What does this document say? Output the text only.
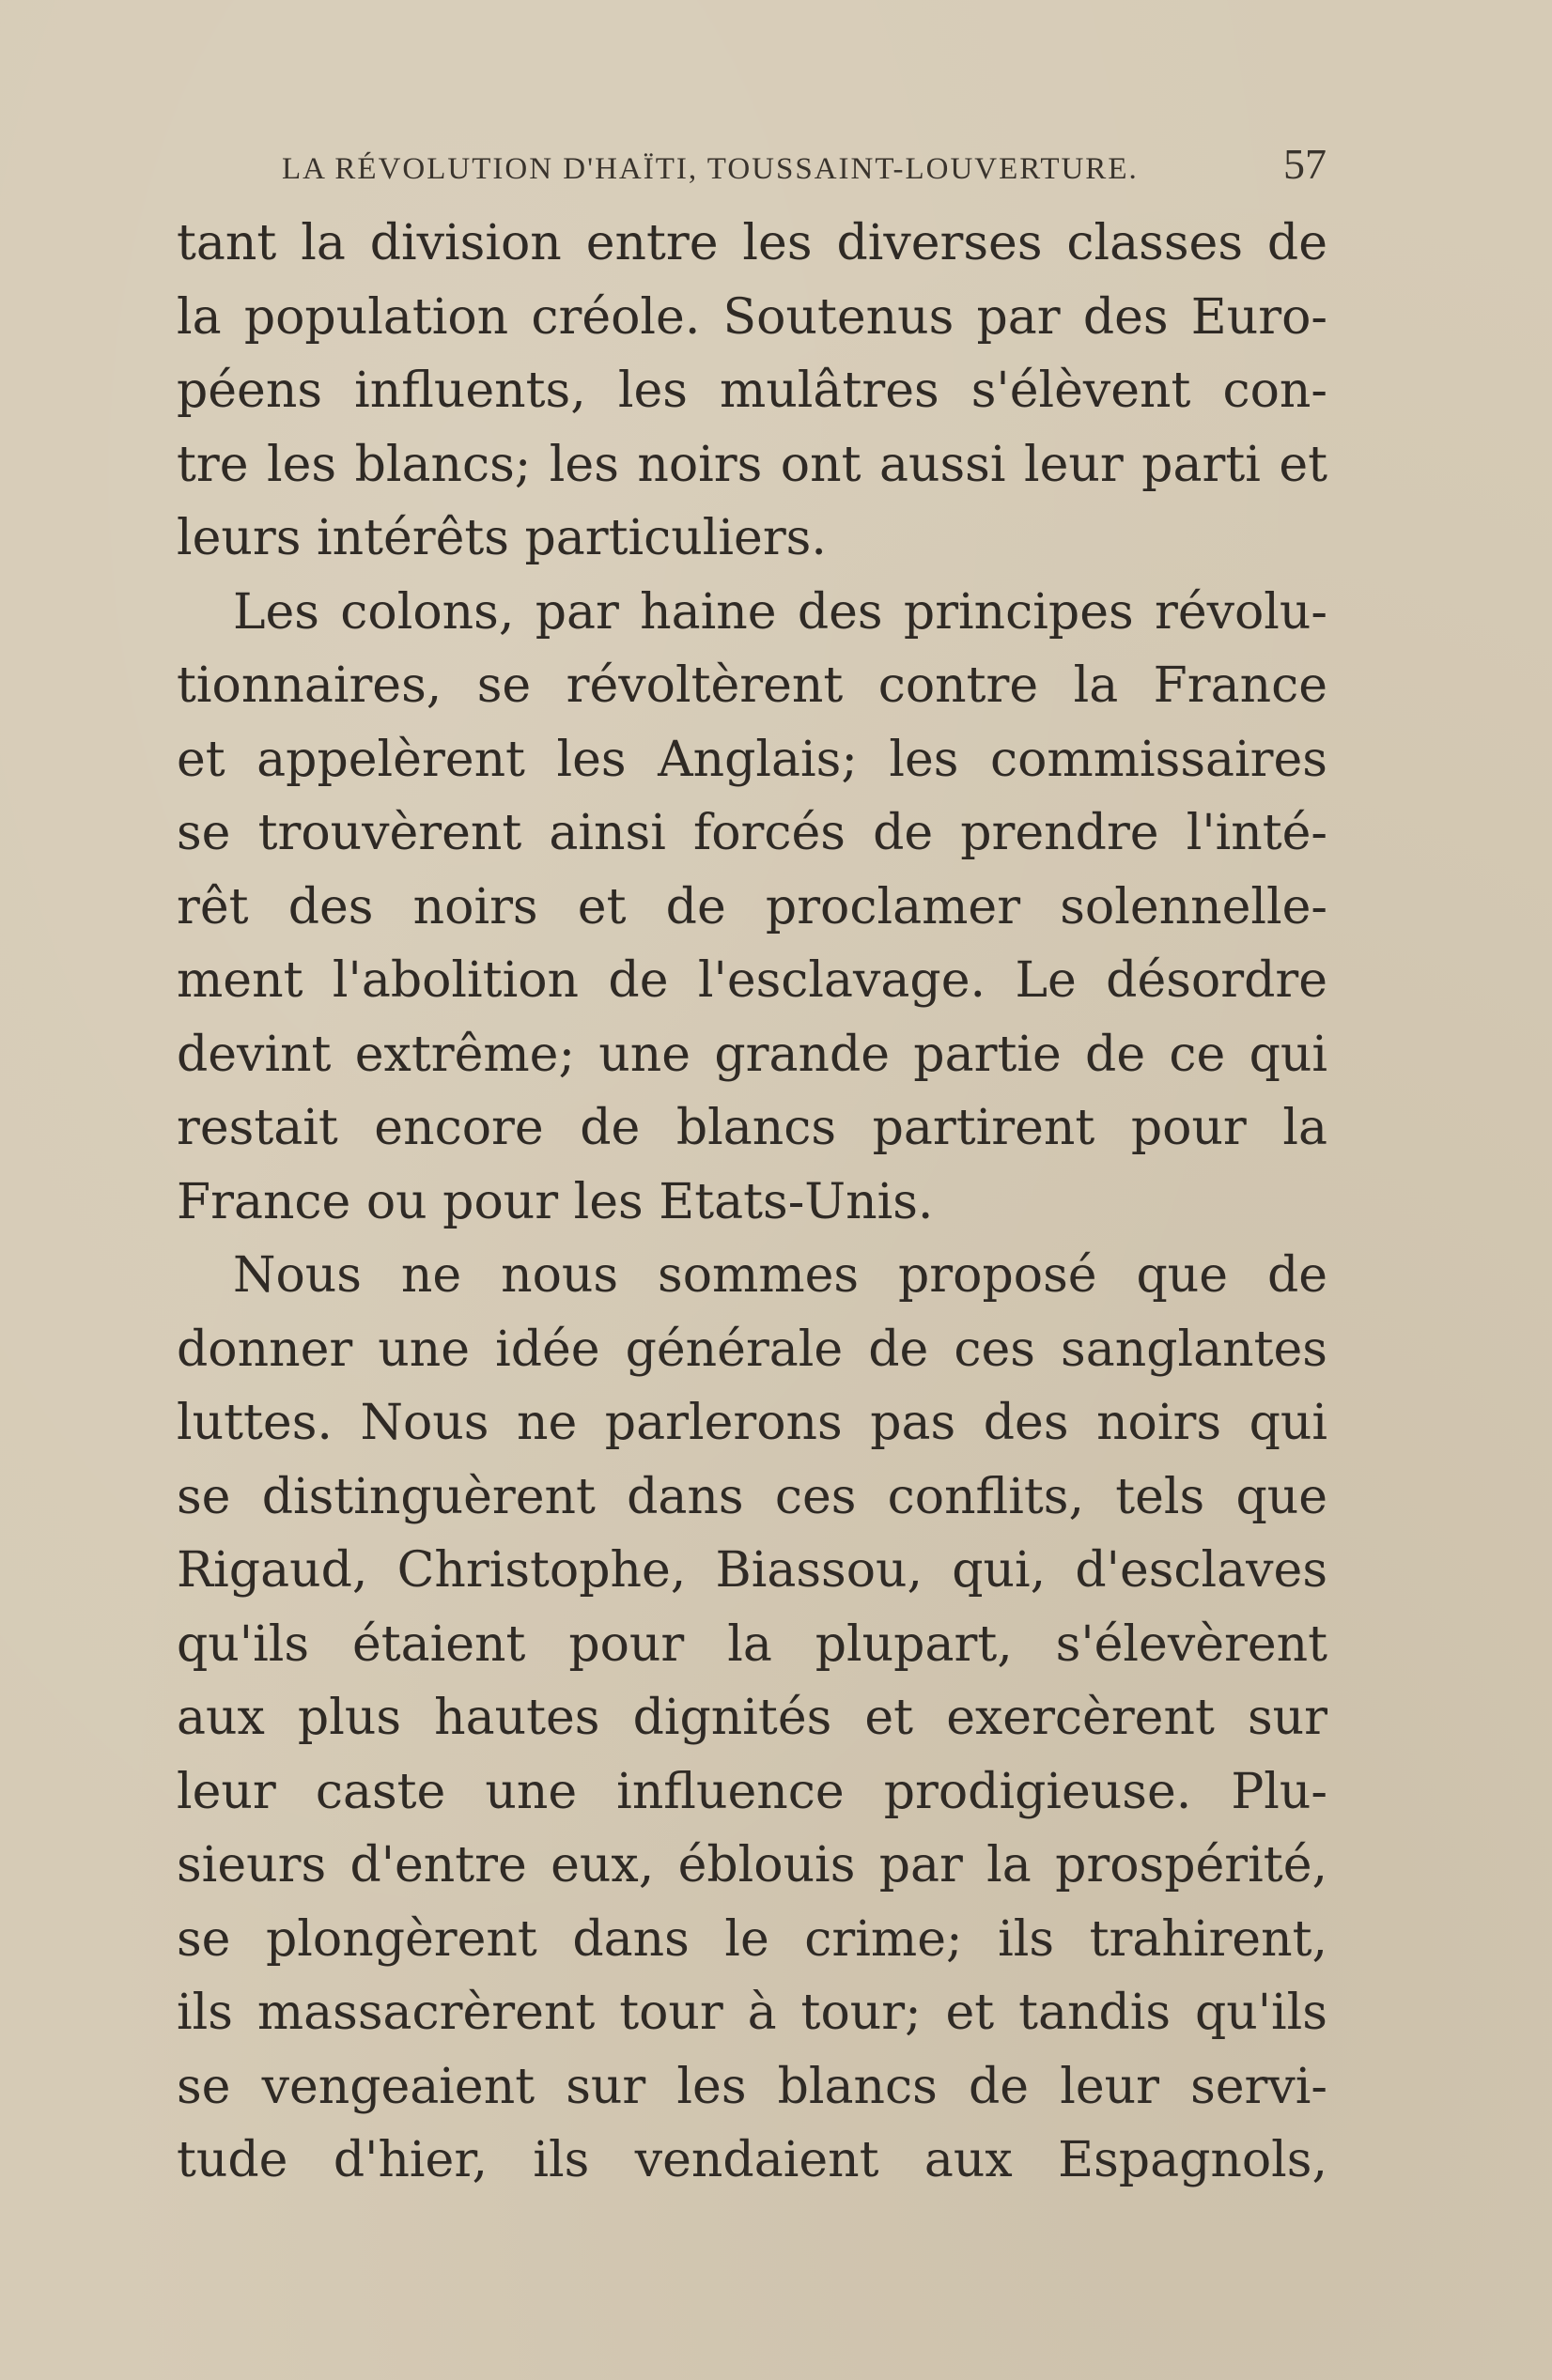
LA RÉVOLUTION D'HAÏTI, TOUSSAINT-LOUVERTURE.	57
tant la division entre les diverses classes de
la population créole. Soutenus par des Euro-
péens influents, les mulâtres s'élèvent con-
tre les blancs; les noirs ont aussi leur parti et
leurs intérêts particuliers.
Les colons, par haine des principes révolu-
tionnaires, se révoltèrent contre la France
et appelèrent les Anglais; les commissaires
se trouvèrent ainsi forcés de prendre l'inté-
rêt des noirs et de proclamer solennelle-
ment l'abolition de l'esclavage. Le désordre
devint extrême; une grande partie de ce qui
restait encore de blancs partirent pour la
France ou pour les Etats-Unis.
Nous ne nous sommes proposé que de
donner une idée générale de ces sanglantes
luttes. Nous ne parlerons pas des noirs qui
se distinguèrent dans ces conflits, tels que
Rigaud, Christophe, Biassou, qui, d'esclaves
qu'ils étaient pour la plupart, s'élevèrent
aux plus hautes dignités et exercèrent sur
leur caste une influence prodigieuse. Plu-
sieurs d'entre eux, éblouis par la prospérité,
se plongèrent dans le crime; ils trahirent,
ils massacrèrent tour à tour; et tandis qu'ils
se vengeaient sur les blancs de leur servi-
tude d'hier, ils vendaient aux Espagnols,
